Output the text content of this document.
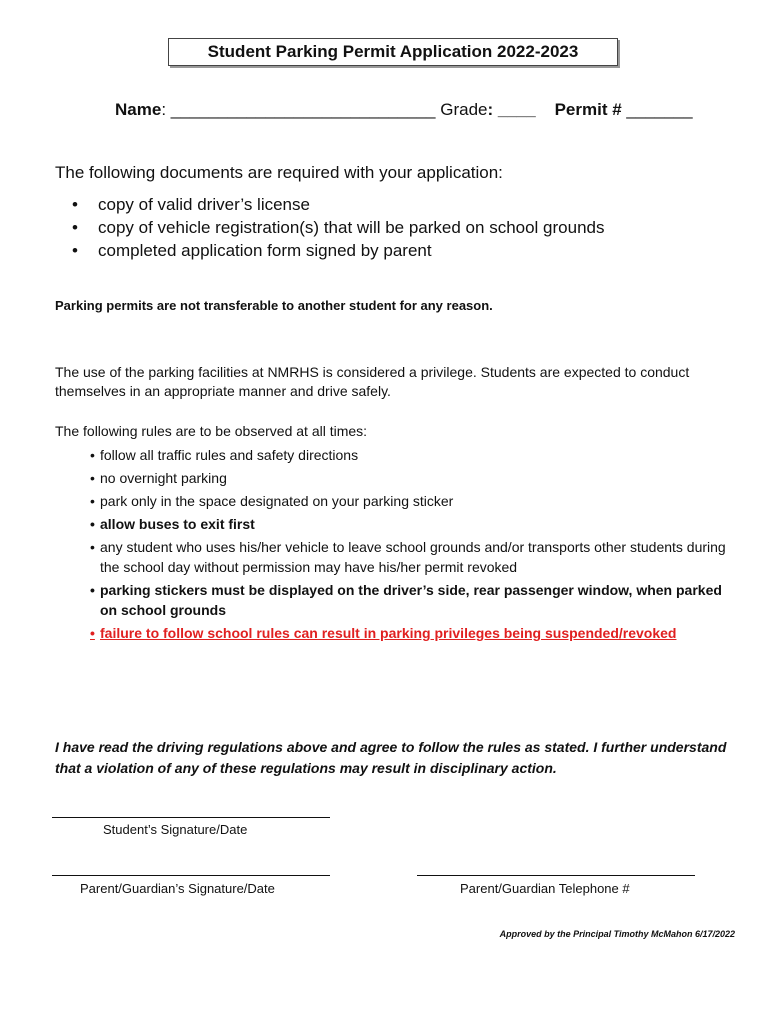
Student Parking Permit Application 2022-2023
Name: ____________________________ Grade: ____ Permit # _______
The following documents are required with your application:
•	copy of valid driver’s license
•	copy of vehicle registration(s) that will be parked on school grounds
•	completed application form signed by parent
Parking permits are not transferable to another student for any reason.
The use of the parking facilities at NMRHS is considered a privilege. Students are expected to conduct themselves in an appropriate manner and drive safely.
The following rules are to be observed at all times:
• follow all traffic rules and safety directions
• no overnight parking
• park only in the space designated on your parking sticker
• allow buses to exit first
• any student who uses his/her vehicle to leave school grounds and/or transports other students during the school day without permission may have his/her permit revoked
• parking stickers must be displayed on the driver’s side, rear passenger window, when parked on school grounds
• failure to follow school rules can result in parking privileges being suspended/revoked
I have read the driving regulations above and agree to follow the rules as stated. I further understand that a violation of any of these regulations may result in disciplinary action.
Student’s Signature/Date
Parent/Guardian’s Signature/Date	Parent/Guardian Telephone #
Approved by the Principal Timothy McMahon 6/17/2022
